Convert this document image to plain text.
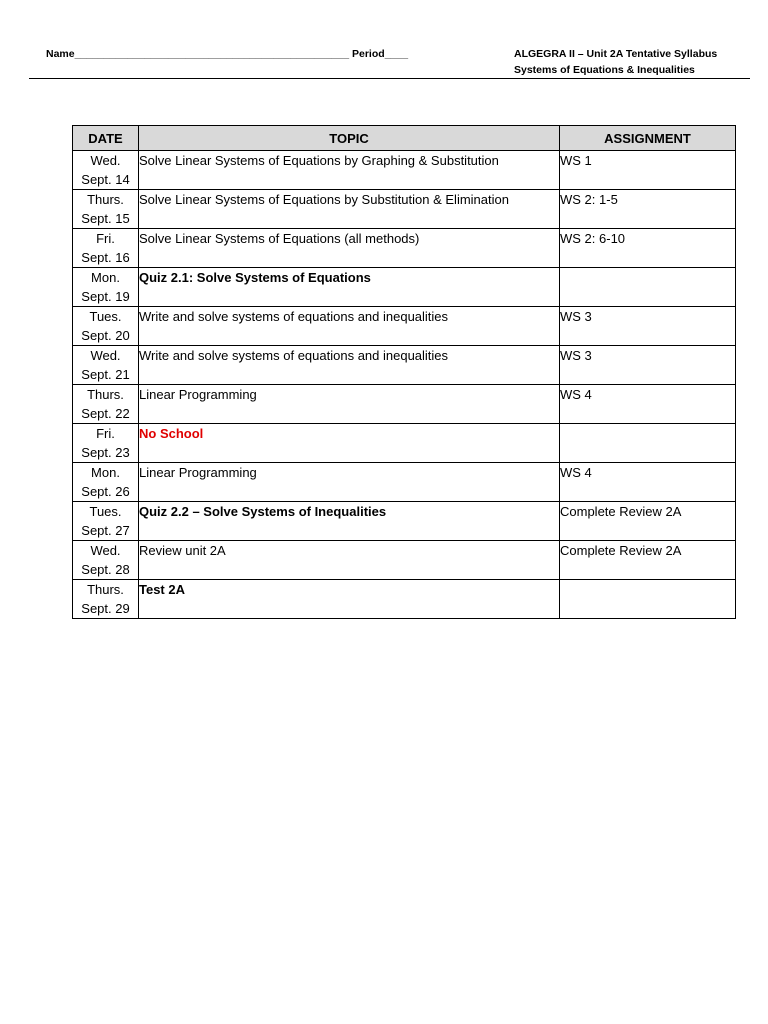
Name_______________________________________________ Period____	ALGEGRA II – Unit 2A Tentative Syllabus
Systems of Equations & Inequalities
DATE	TOPIC	ASSIGNMENT

Wed.
Sept. 14	Solve Linear Systems of Equations by Graphing & Substitution	WS 1

Thurs.
Sept. 15	Solve Linear Systems of Equations by Substitution & Elimination	WS 2: 1-5

Fri.
Sept. 16	Solve Linear Systems of Equations (all methods)	WS 2: 6-10

Mon.
Sept. 19	Quiz 2.1: Solve Systems of Equations	

Tues.
Sept. 20	Write and solve systems of equations and inequalities	WS 3

Wed.
Sept. 21	Write and solve systems of equations and inequalities	WS 3

Thurs.
Sept. 22	Linear Programming	WS 4

Fri.
Sept. 23	No School	

Mon.
Sept. 26	Linear Programming	WS 4

Tues.
Sept. 27	Quiz 2.2 – Solve Systems of Inequalities	Complete Review 2A

Wed.
Sept. 28	Review unit 2A	Complete Review 2A

Thurs.
Sept. 29	Test 2A	
